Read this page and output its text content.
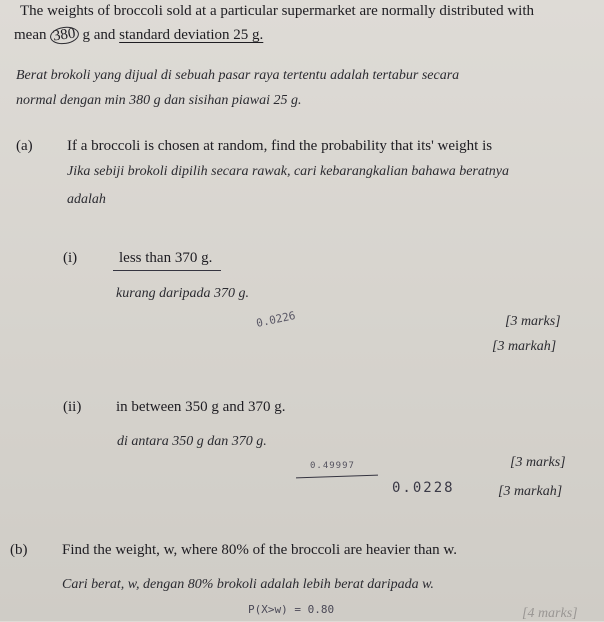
The weights of broccoli sold at a particular supermarket are normally distributed with
mean 380 g and standard deviation 25 g.
Berat brokoli yang dijual di sebuah pasar raya tertentu adalah tertabur secara
normal dengan min 380 g dan sisihan piawai 25 g.
(a) If a broccoli is chosen at random, find the probability that its' weight is
Jika sebiji brokoli dipilih secara rawak, cari kebarangkalian bahawa beratnya
adalah
(i)	less than 370 g.
kurang daripada 370 g.
0.0226	[3 marks]
[3 markah]
(ii) in between 350 g and 370 g.
di antara 350 g dan 370 g.
0.49997
0.0228
[3 marks]
[3 markah]
(b) Find the weight, w, where 80% of the broccoli are heavier than w.
Cari berat, w, dengan 80% brokoli adalah lebih berat daripada w.
P(X>w) = 0.80	[4 marks]
